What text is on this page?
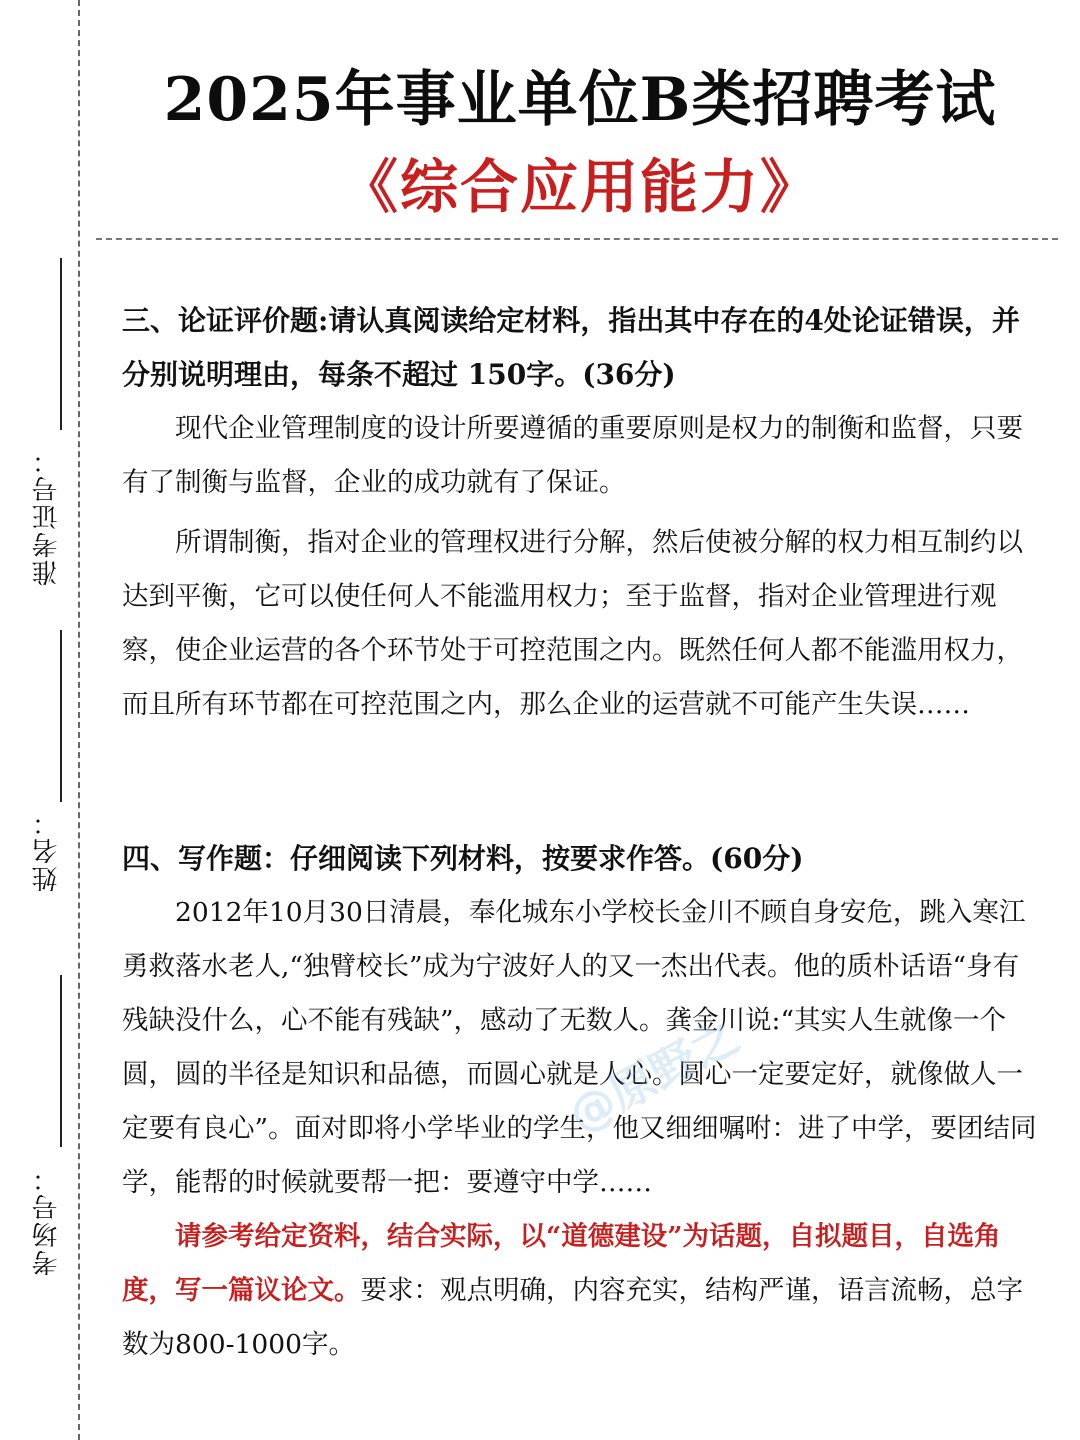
准考证号：
姓名：
考场号：
2025年事业单位B类招聘考试
《综合应用能力》
三、论证评价题:请认真阅读给定材料，指出其中存在的4处论证错误，并分别说明理由，每条不超过 150字。(36分)

现代企业管理制度的设计所要遵循的重要原则是权力的制衡和监督，只要有了制衡与监督，企业的成功就有了保证。

所谓制衡，指对企业的管理权进行分解，然后使被分解的权力相互制约以达到平衡，它可以使任何人不能滥用权力；至于监督，指对企业管理进行观察，使企业运营的各个环节处于可控范围之内。既然任何人都不能滥用权力，而且所有环节都在可控范围之内，那么企业的运营就不可能产生失误……

四、写作题：仔细阅读下列材料，按要求作答。(60分)

2012年10月30日清晨，奉化城东小学校长金川不顾自身安危，跳入寒江勇救落水老人,“独臂校长”成为宁波好人的又一杰出代表。他的质朴话语“身有残缺没什么，心不能有残缺”，感动了无数人。龚金川说:“其实人生就像一个圆，圆的半径是知识和品德，而圆心就是人心。圆心一定要定好，就像做人一定要有良心”。面对即将小学毕业的学生，他又细细嘱咐：进了中学，要团结同学，能帮的时候就要帮一把：要遵守中学……

请参考给定资料，结合实际，以“道德建设”为话题，自拟题目，自选角度，写一篇议论文。要求：观点明确，内容充实，结构严谨，语言流畅，总字数为800-1000字。

@原野之
